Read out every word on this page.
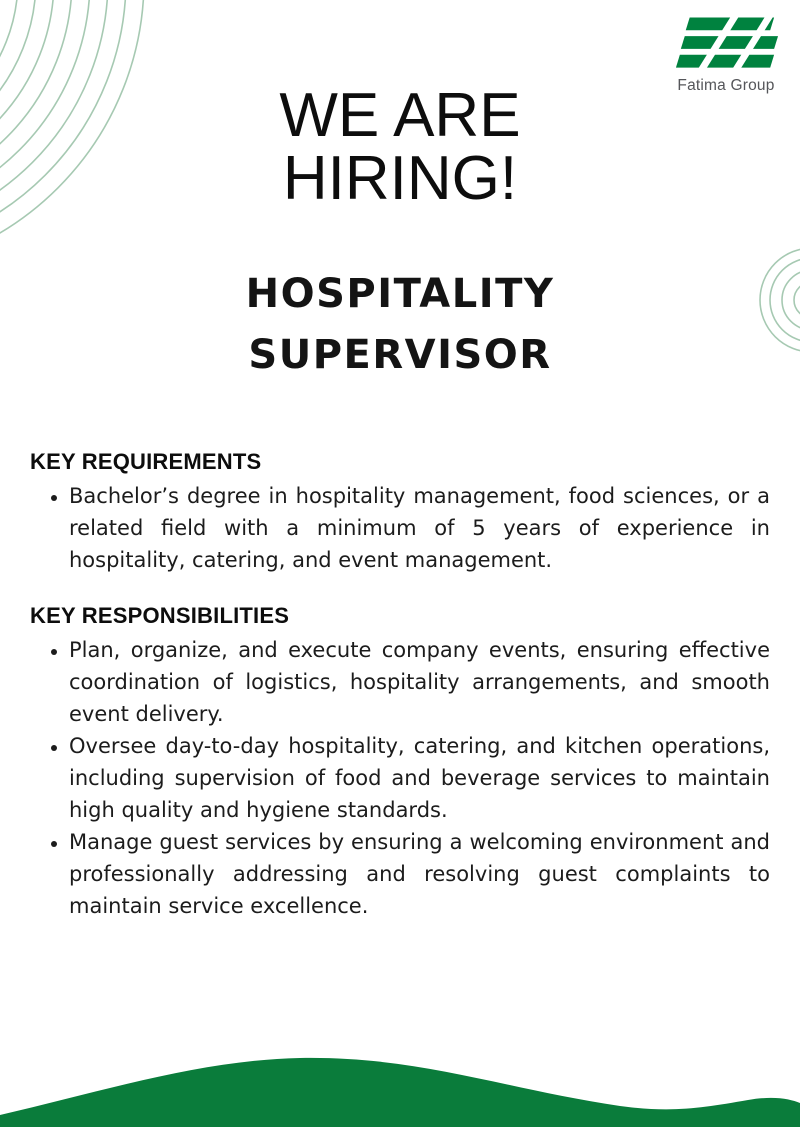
Fatima Group
WE ARE
HIRING!
HOSPITALITY
SUPERVISOR
KEY REQUIREMENTS
• Bachelor’s degree in hospitality management, food sciences, or a related field with a minimum of 5 years of experience in hospitality, catering, and event management.
KEY RESPONSIBILITIES
• Plan, organize, and execute company events, ensuring effective coordination of logistics, hospitality arrangements, and smooth event delivery.
• Oversee day-to-day hospitality, catering, and kitchen operations, including supervision of food and beverage services to maintain high quality and hygiene standards.
• Manage guest services by ensuring a welcoming environment and professionally addressing and resolving guest complaints to maintain service excellence.
